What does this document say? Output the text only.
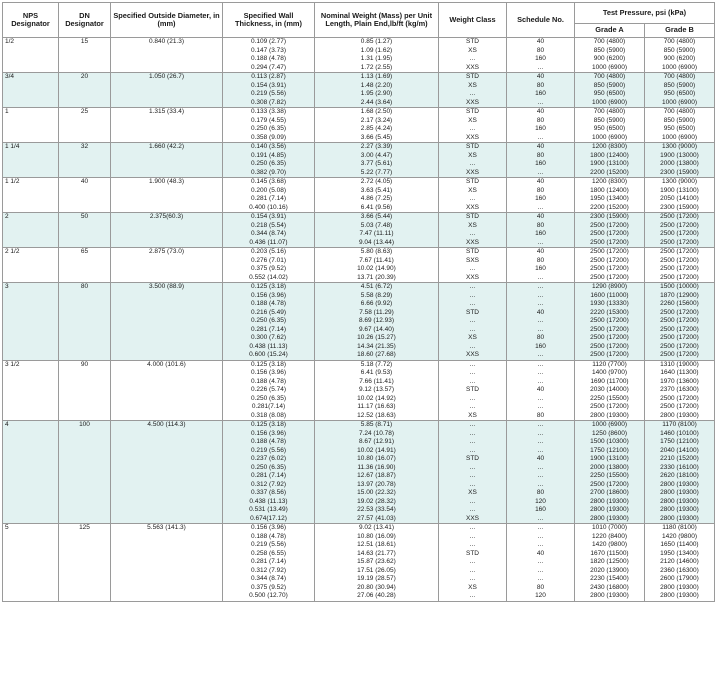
NPS Designator	DN Designator	Specified Outside Diameter, in (mm)	Specified Wall Thickness, in (mm)	Nominal Weight (Mass) per Unit Length, Plain End,lb/ft (kg/m)	Weight Class	Schedule No.	Test Pressure, psi (kPa)	
							Grade A	Grade B
1/2	15	0.840 (21.3)	0.109 (2.77)	0.85 (1.27)	STD	40	700 (4800)	700 (4800)
			0.147 (3.73)	1.09 (1.62)	XS	80	850 (5900)	850 (5900)
			0.188 (4.78)	1.31 (1.95)	...	160	900 (6200)	900 (6200)
			0.294 (7.47)	1.72 (2.55)	XXS	...	1000 (6900)	1000 (6900)
3/4	20	1.050 (26.7)	0.113 (2.87)	1.13 (1.69)	STD	40	700 (4800)	700 (4800)
			0.154 (3.91)	1.48 (2.20)	XS	80	850 (5900)	850 (5900)
			0.219 (5.56)	1.95 (2.90)	...	160	950 (6500)	950 (6500)
			0.308 (7.82)	2.44 (3.64)	XXS	...	1000 (6900)	1000 (6900)
1	25	1.315 (33.4)	0.133 (3.38)	1.68 (2.50)	STD	40	700 (4800)	700 (4800)
			0.179 (4.55)	2.17 (3.24)	XS	80	850 (5900)	850 (5900)
			0.250 (6.35)	2.85 (4.24)	...	160	950 (6500)	950 (6500)
			0.358 (9.09)	3.66 (5.45)	XXS	...	1000 (6900)	1000 (6900)
1 1/4	32	1.660 (42.2)	0.140 (3.56)	2.27 (3.39)	STD	40	1200 (8300)	1300 (9000)
			0.191 (4.85)	3.00 (4.47)	XS	80	1800 (12400)	1900 (13000)
			0.250 (6.35)	3.77 (5.61)	...	160	1900 (13100)	2000 (13800)
			0.382 (9.70)	5.22 (7.77)	XXS	...	2200 (15200)	2300 (15900)
1 1/2	40	1.900 (48.3)	0.145 (3.68)	2.72 (4.05)	STD	40	1200 (8300)	1300 (9000)
			0.200 (5.08)	3.63 (5.41)	XS	80	1800 (12400)	1900 (13100)
			0.281 (7.14)	4.86 (7.25)	...	160	1950 (13400)	2050 (14100)
			0.400 (10.16)	6.41 (9.56)	XXS	...	2200 (15200)	2300 (15900)
2	50	2.375(60.3)	0.154 (3.91)	3.66 (5.44)	STD	40	2300 (15900)	2500 (17200)
			0.218 (5.54)	5.03 (7.48)	XS	80	2500 (17200)	2500 (17200)
			0.344 (8.74)	7.47 (11.11)	...	160	2500 (17200)	2500 (17200)
			0.436 (11.07)	9.04 (13.44)	XXS	...	2500 (17200)	2500 (17200)
2 1/2	65	2.875 (73.0)	0.203 (5.16)	5.80 (8.63)	STD	40	2500 (17200)	2500 (17200)
			0.276 (7.01)	7.67 (11.41)	SXS	80	2500 (17200)	2500 (17200)
			0.375 (9.52)	10.02 (14.90)	...	160	2500 (17200)	2500 (17200)
			0.552 (14.02)	13.71 (20.39)	XXS	...	2500 (17200)	2500 (17200)
3	80	3.500 (88.9)	0.125 (3.18)	4.51 (6.72)	...	...	1290 (8900)	1500 (10000)
			0.156 (3.96)	5.58 (8.29)	...	...	1600 (11000)	1870 (12900)
			0.188 (4.78)	6.66 (9.92)	...	...	1930 (13330)	2260 (15600)
			0.216 (5.49)	7.58 (11.29)	STD	40	2220 (15300)	2500 (17200)
			0.250 (6.35)	8.69 (12.93)	...	...	2500 (17200)	2500 (17200)
			0.281 (7.14)	9.67 (14.40)	...	...	2500 (17200)	2500 (17200)
			0.300 (7.62)	10.26 (15.27)	XS	80	2500 (17200)	2500 (17200)
			0.438 (11.13)	14.34 (21.35)	...	160	2500 (17200)	2500 (17200)
			0.600 (15.24)	18.60 (27.68)	XXS	...	2500 (17200)	2500 (17200)
3 1/2	90	4.000 (101.6)	0.125 (3.18)	5.18 (7.72)	...	...	1120 (7700)	1310 (19000)
			0.156 (3.96)	6.41 (9.53)	...	...	1400 (9700)	1640 (11300)
			0.188 (4.78)	7.66 (11.41)	...	...	1690 (11700)	1970 (13600)
			0.226 (5.74)	9.12 (13.57)	STD	40	2030 (14000)	2370 (16300)
			0.250 (6.35)	10.02 (14.92)	...	...	2250 (15500)	2500 (17200)
			0.281(7.14)	11.17 (16.63)	...	...	2500 (17200)	2500 (17200)
			0.318 (8.08)	12.52 (18.63)	XS	80	2800 (19300)	2800 (19300)
4	100	4.500 (114.3)	0.125 (3.18)	5.85 (8.71)	...	...	1000 (6900)	1170 (8100)
			0.156 (3.96)	7.24 (10.78)	...	...	1250 (8600)	1460 (10100)
			0.188 (4.78)	8.67 (12.91)	...	...	1500 (10300)	1750 (12100)
			0.219 (5.56)	10.02 (14.91)	...	...	1750 (12100)	2040 (14100)
			0.237 (6.02)	10.80 (16.07)	STD	40	1900 (13100)	2210 (15200)
			0.250 (6.35)	11.36 (16.90)	...	...	2000 (13800)	2330 (16100)
			0.281 (7.14)	12.67 (18.87)	...	...	2250 (15500)	2620 (18100)
			0.312 (7.92)	13.97 (20.78)	...	...	2500 (17200)	2800 (19300)
			0.337 (8.56)	15.00 (22.32)	XS	80	2700 (18600)	2800 (19300)
			0.438 (11.13)	19.02 (28.32)	...	120	2800 (19300)	2800 (19300)
			0.531 (13.49)	22.53 (33.54)	...	160	2800 (19300)	2800 (19300)
			0.674(17.12)	27.57 (41.03)	XXS	...	2800 (19300)	2800 (19300)
5	125	5.563 (141.3)	0.156 (3.96)	9.02 (13.41)	...	...	1010 (7000)	1180 (8100)
			0.188 (4.78)	10.80 (16.09)	...	...	1220 (8400)	1420 (9800)
			0.219 (5.56)	12.51 (18.61)	...	...	1420 (9800)	1650 (11400)
			0.258 (6.55)	14.63 (21.77)	STD	40	1670 (11500)	1950 (13400)
			0.281 (7.14)	15.87 (23.62)	...	...	1820 (12500)	2120 (14600)
			0.312 (7.92)	17.51 (26.05)	...	...	2020 (13900)	2360 (16300)
			0.344 (8.74)	19.19 (28.57)	...	...	2230 (15400)	2600 (17900)
			0.375 (9.52)	20.80 (30.94)	XS	80	2430 (16800)	2800 (19300)
			0.500 (12.70)	27.06 (40.28)	...	120	2800 (19300)	2800 (19300)
